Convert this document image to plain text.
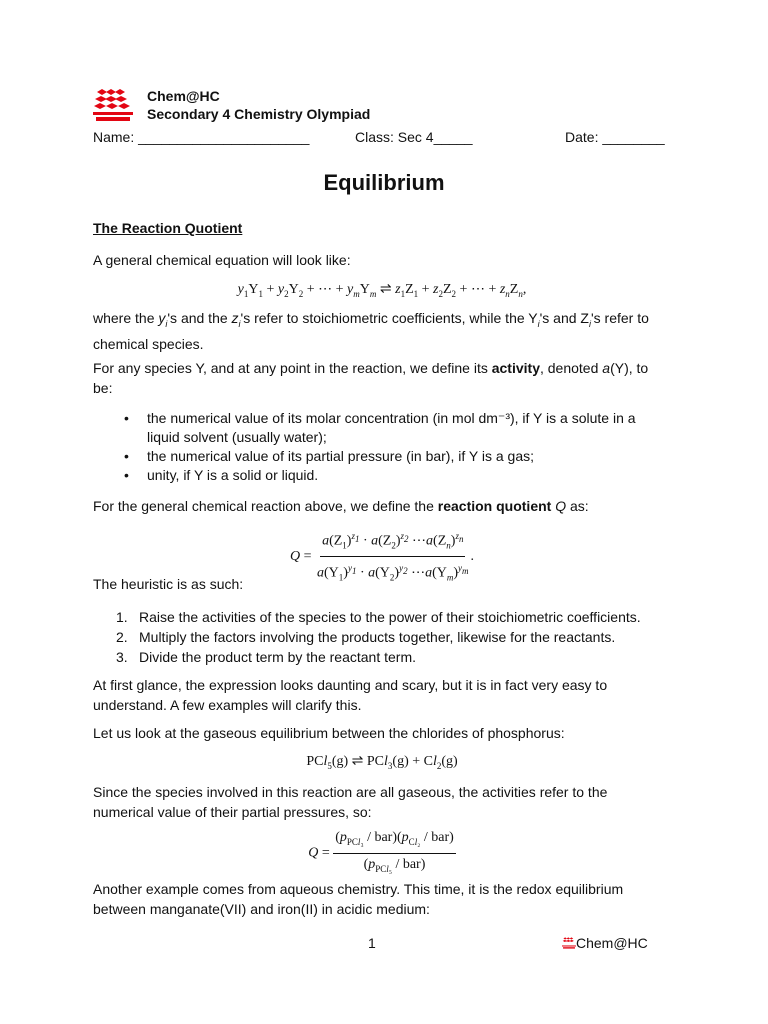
Chem@HC
Secondary 4 Chemistry Olympiad
Name: ______________________	Class: Sec 4_____	Date: ________
Equilibrium
The Reaction Quotient
A general chemical equation will look like:
$y_1Y_1 + y_2Y_2$ + ⋯ + $y_mY_m$ ⇌ $z_1Z_1 + z_2Z_2$ + ⋯ + $z_nZ_n$,
where the $y_i's$ and the $z_i's$ refer to stoichiometric coefficients, while the $Y_i's$ and $Z_i's$ refer to chemical species.
For any species Y, and at any point in the reaction, we define its activity, denoted a(Y), to be:
• the numerical value of its molar concentration (in mol dm⁻³), if Y is a solute in a liquid solvent (usually water);
• the numerical value of its partial pressure (in bar), if Y is a gas;
• unity, if Y is a solid or liquid.
For the general chemical reaction above, we define the reaction quotient Q as:
$Q = \frac{a(Z_1)^{z_1} \cdot a(Z_2)^{z_2} \cdots a(Z_n)^{z_n}}{a(Y_1)^{y_1} \cdot a(Y_2)^{y_2} \cdots a(Y_m)^{y_m}}$ .
The heuristic is as such:
1. Raise the activities of the species to the power of their stoichiometric coefficients.
2. Multiply the factors involving the products together, likewise for the reactants.
3. Divide the product term by the reactant term.
At first glance, the expression looks daunting and scary, but it is in fact very easy to understand. A few examples will clarify this.
Let us look at the gaseous equilibrium between the chlorides of phosphorus:
PCl$_5$(g) ⇌ $PCl_3(g) + Cl_2(g)$
Since the species involved in this reaction are all gaseous, the activities refer to the numerical value of their partial pressures, so:
$Q = \frac{(p_{PCl_3} / bar)(p_{Cl_2} / bar)}{(p_{PCl_5} / bar)}$
Another example comes from aqueous chemistry. This time, it is the redox equilibrium between manganate(VII) and iron(II) in acidic medium:
1	Chem@HC
